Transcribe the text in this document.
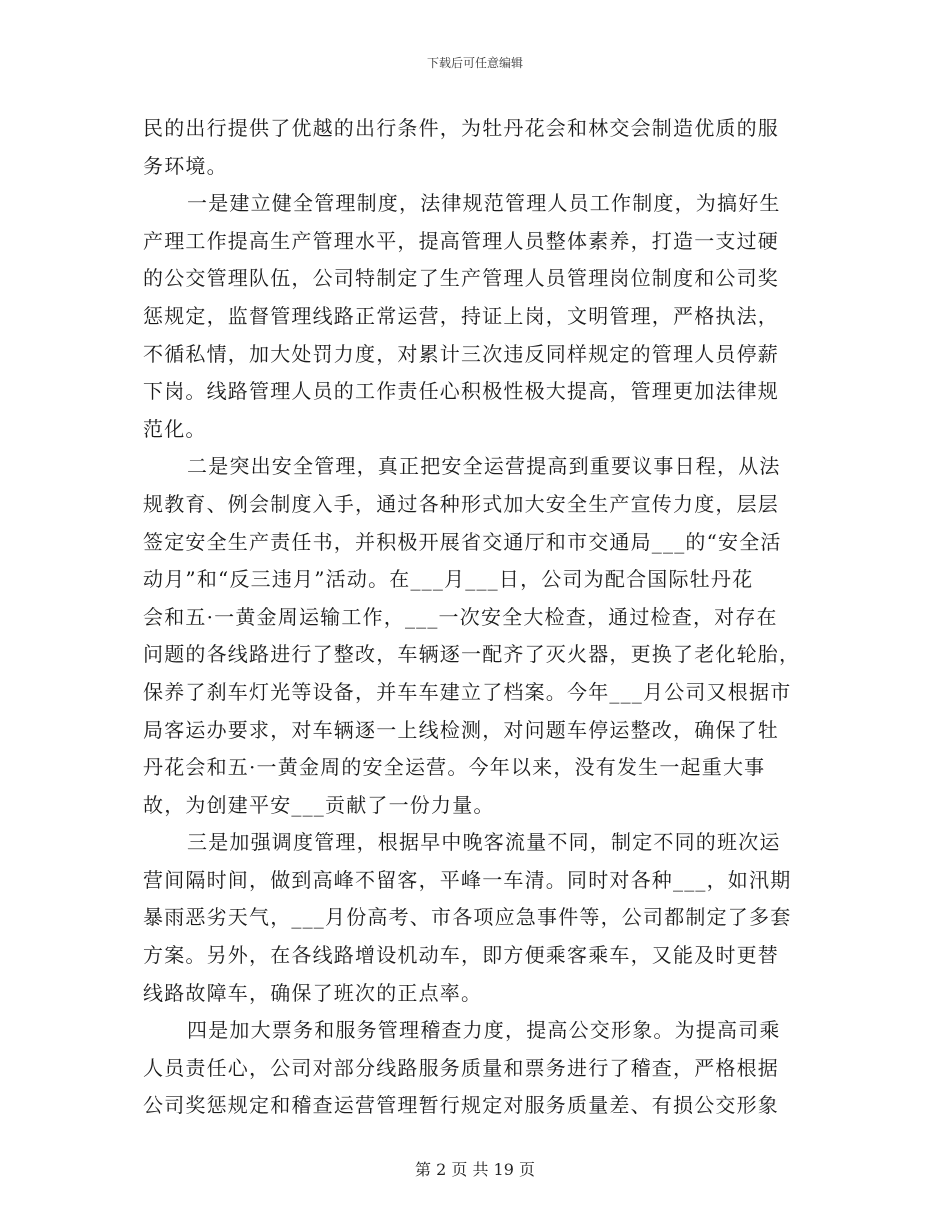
下载后可任意编辑

民的出行提供了优越的出行条件，为牡丹花会和林交会制造优质的服
务环境。

一是建立健全管理制度，法律规范管理人员工作制度，为搞好生
产理工作提高生产管理水平，提高管理人员整体素养，打造一支过硬
的公交管理队伍，公司特制定了生产管理人员管理岗位制度和公司奖
惩规定，监督管理线路正常运营，持证上岗，文明管理，严格执法，
不循私情，加大处罚力度，对累计三次违反同样规定的管理人员停薪
下岗。线路管理人员的工作责任心积极性极大提高，管理更加法律规
范化。

二是突出安全管理，真正把安全运营提高到重要议事日程，从法
规教育、例会制度入手，通过各种形式加大安全生产宣传力度，层层
签定安全生产责任书，并积极开展省交通厅和市交通局___的“安全活
动月”和“反三违月”活动。在___月___日，公司为配合国际牡丹花
会和五·一黄金周运输工作，___一次安全大检查，通过检查，对存在
问题的各线路进行了整改，车辆逐一配齐了灭火器，更换了老化轮胎，
保养了刹车灯光等设备，并车车建立了档案。今年___月公司又根据市
局客运办要求，对车辆逐一上线检测，对问题车停运整改，确保了牡
丹花会和五·一黄金周的安全运营。今年以来，没有发生一起重大事
故，为创建平安___贡献了一份力量。

三是加强调度管理，根据早中晚客流量不同，制定不同的班次运
营间隔时间，做到高峰不留客，平峰一车清。同时对各种___，如汛期
暴雨恶劣天气，___月份高考、市各项应急事件等，公司都制定了多套
方案。另外，在各线路增设机动车，即方便乘客乘车，又能及时更替
线路故障车，确保了班次的正点率。

四是加大票务和服务管理稽查力度，提高公交形象。为提高司乘
人员责任心，公司对部分线路服务质量和票务进行了稽查，严格根据
公司奖惩规定和稽查运营管理暂行规定对服务质量差、有损公交形象

第 2 页 共 19 页
